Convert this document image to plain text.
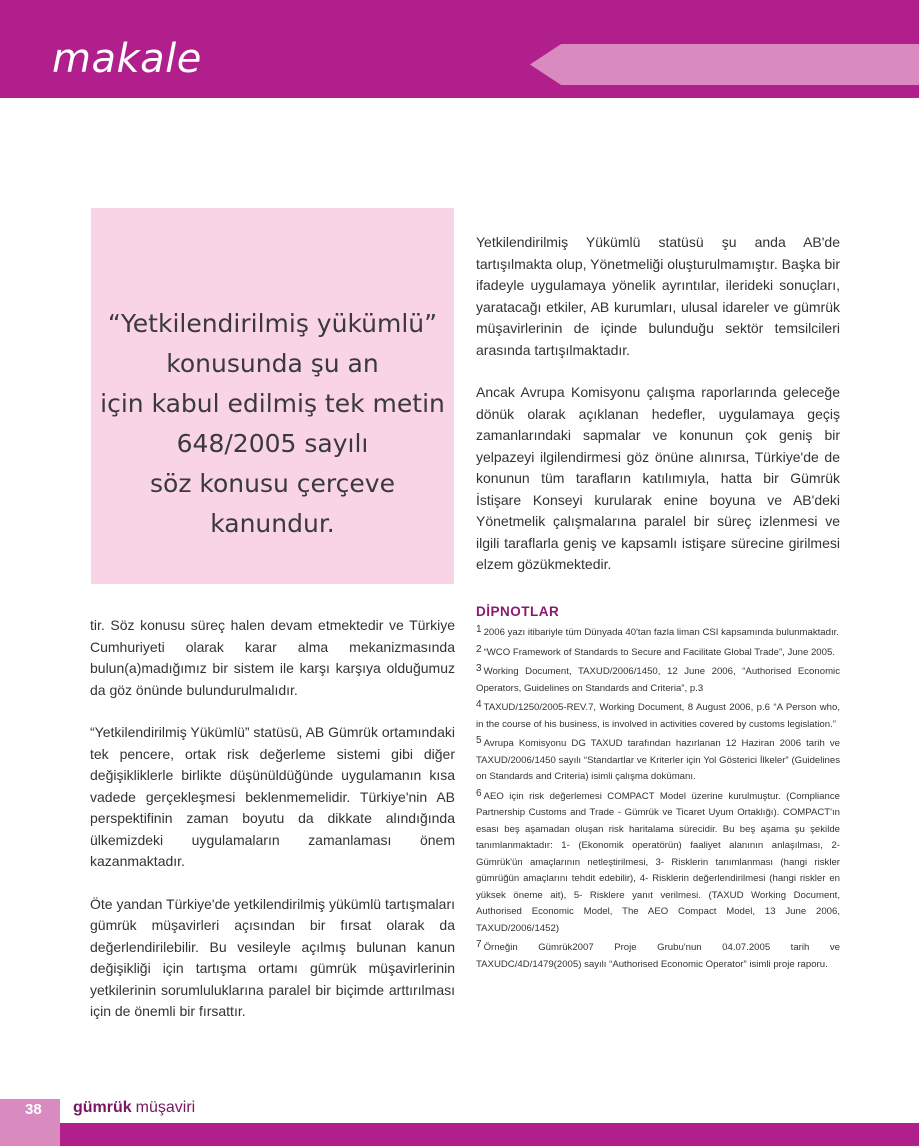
makale
“Yetkilendirilmiş yükümlü”
konusunda şu an
için kabul edilmiş tek metin
648/2005 sayılı
söz konusu çerçeve
kanundur.

tir. Söz konusu süreç halen devam etmektedir ve Türkiye Cumhuriyeti olarak karar alma mekanizmasında bulun(a)madığımız bir sistem ile karşı karşıya olduğumuz da göz önünde bulundurulmalıdır.

“Yetkilendirilmiş Yükümlü” statüsü, AB Gümrük ortamındaki tek pencere, ortak risk değerleme sistemi gibi diğer değişikliklerle birlikte düşünüldüğünde uygulamanın kısa vadede gerçekleşmesi beklenmemelidir. Türkiye'nin AB perspektifinin zaman boyutu da dikkate alındığında ülkemizdeki uygulamaların zamanlaması önem kazanmaktadır.

Öte yandan Türkiye'de yetkilendirilmiş yükümlü tartışmaları gümrük müşavirleri açısından bir fırsat olarak da değerlendirilebilir. Bu vesileyle açılmış bulunan kanun değişikliği için tartışma ortamı gümrük müşavirlerinin yetkilerinin sorumluluklarına paralel bir biçimde arttırılması için de önemli bir fırsattır.

Yetkilendirilmiş Yükümlü statüsü şu anda AB'de tartışılmakta olup, Yönetmeliği oluşturulmamıştır. Başka bir ifadeyle uygulamaya yönelik ayrıntılar, ilerideki sonuçları, yaratacağı etkiler, AB kurumları, ulusal idareler ve gümrük müşavirlerinin de içinde bulunduğu sektör temsilcileri arasında tartışılmaktadır.

Ancak Avrupa Komisyonu çalışma raporlarında geleceğe dönük olarak açıklanan hedefler, uygulamaya geçiş zamanlarındaki sapmalar ve konunun çok geniş bir yelpazeyi ilgilendirmesi göz önüne alınırsa, Türkiye'de de konunun tüm tarafların katılımıyla, hatta bir Gümrük İstişare Konseyi kurularak enine boyuna ve AB'deki Yönetmelik çalışmalarına paralel bir süreç izlenmesi ve ilgili taraflarla geniş ve kapsamlı istişare sürecine girilmesi elzem gözükmektedir.

DİPNOTLAR
$^1$ 2006 yazı itibariyle tüm Dünyada 40'tan fazla liman CSI kapsamında bulunmaktadır.
$^2$ “WCO Framework of Standards to Secure and Facilitate Global Trade”, June 2005.
$^3$ Working Document, TAXUD/2006/1450, 12 June 2006, “Authorised Economic Operators, Guidelines on Standards and Criteria”, p.3
$^4$ TAXUD/1250/2005-REV.7, Working Document, 8 August 2006, p.6 “A Person who, in the course of his business, is involved in activities covered by customs legislation.”
$^5$ Avrupa Komisyonu DG TAXUD tarafından hazırlanan 12 Haziran 2006 tarih ve TAXUD/2006/1450 sayılı “Standartlar ve Kriterler için Yol Gösterici İlkeler” (Guidelines on Standards and Criteria) isimli çalışma dokümanı.
$^6$ AEO için risk değerlemesi COMPACT Model üzerine kurulmuştur. (Compliance Partnership Customs and Trade - Gümrük ve Ticaret Uyum Ortaklığı). COMPACT'ın esası beş aşamadan oluşan risk haritalama sürecidir. Bu beş aşama şu şekilde tanımlanmaktadır: 1- (Ekonomik operatörün) faaliyet alanının anlaşılması, 2- Gümrük'ün amaçlarının netleştirilmesi, 3- Risklerin tanımlanması (hangi riskler gümrüğün amaçlarını tehdit edebilir), 4- Risklerin değerlendirilmesi (hangi riskler en yüksek öneme ait), 5- Risklere yanıt verilmesi. (TAXUD Working Document, Authorised Economic Model, The AEO Compact Model, 13 June 2006, TAXUD/2006/1452)
$^7$ Örneğin Gümrük2007 Proje Grubu'nun 04.07.2005 tarih ve TAXUDC/4D/1479(2005) sayılı “Authorised Economic Operator” isimli proje raporu.
38 gümrük müşaviri
